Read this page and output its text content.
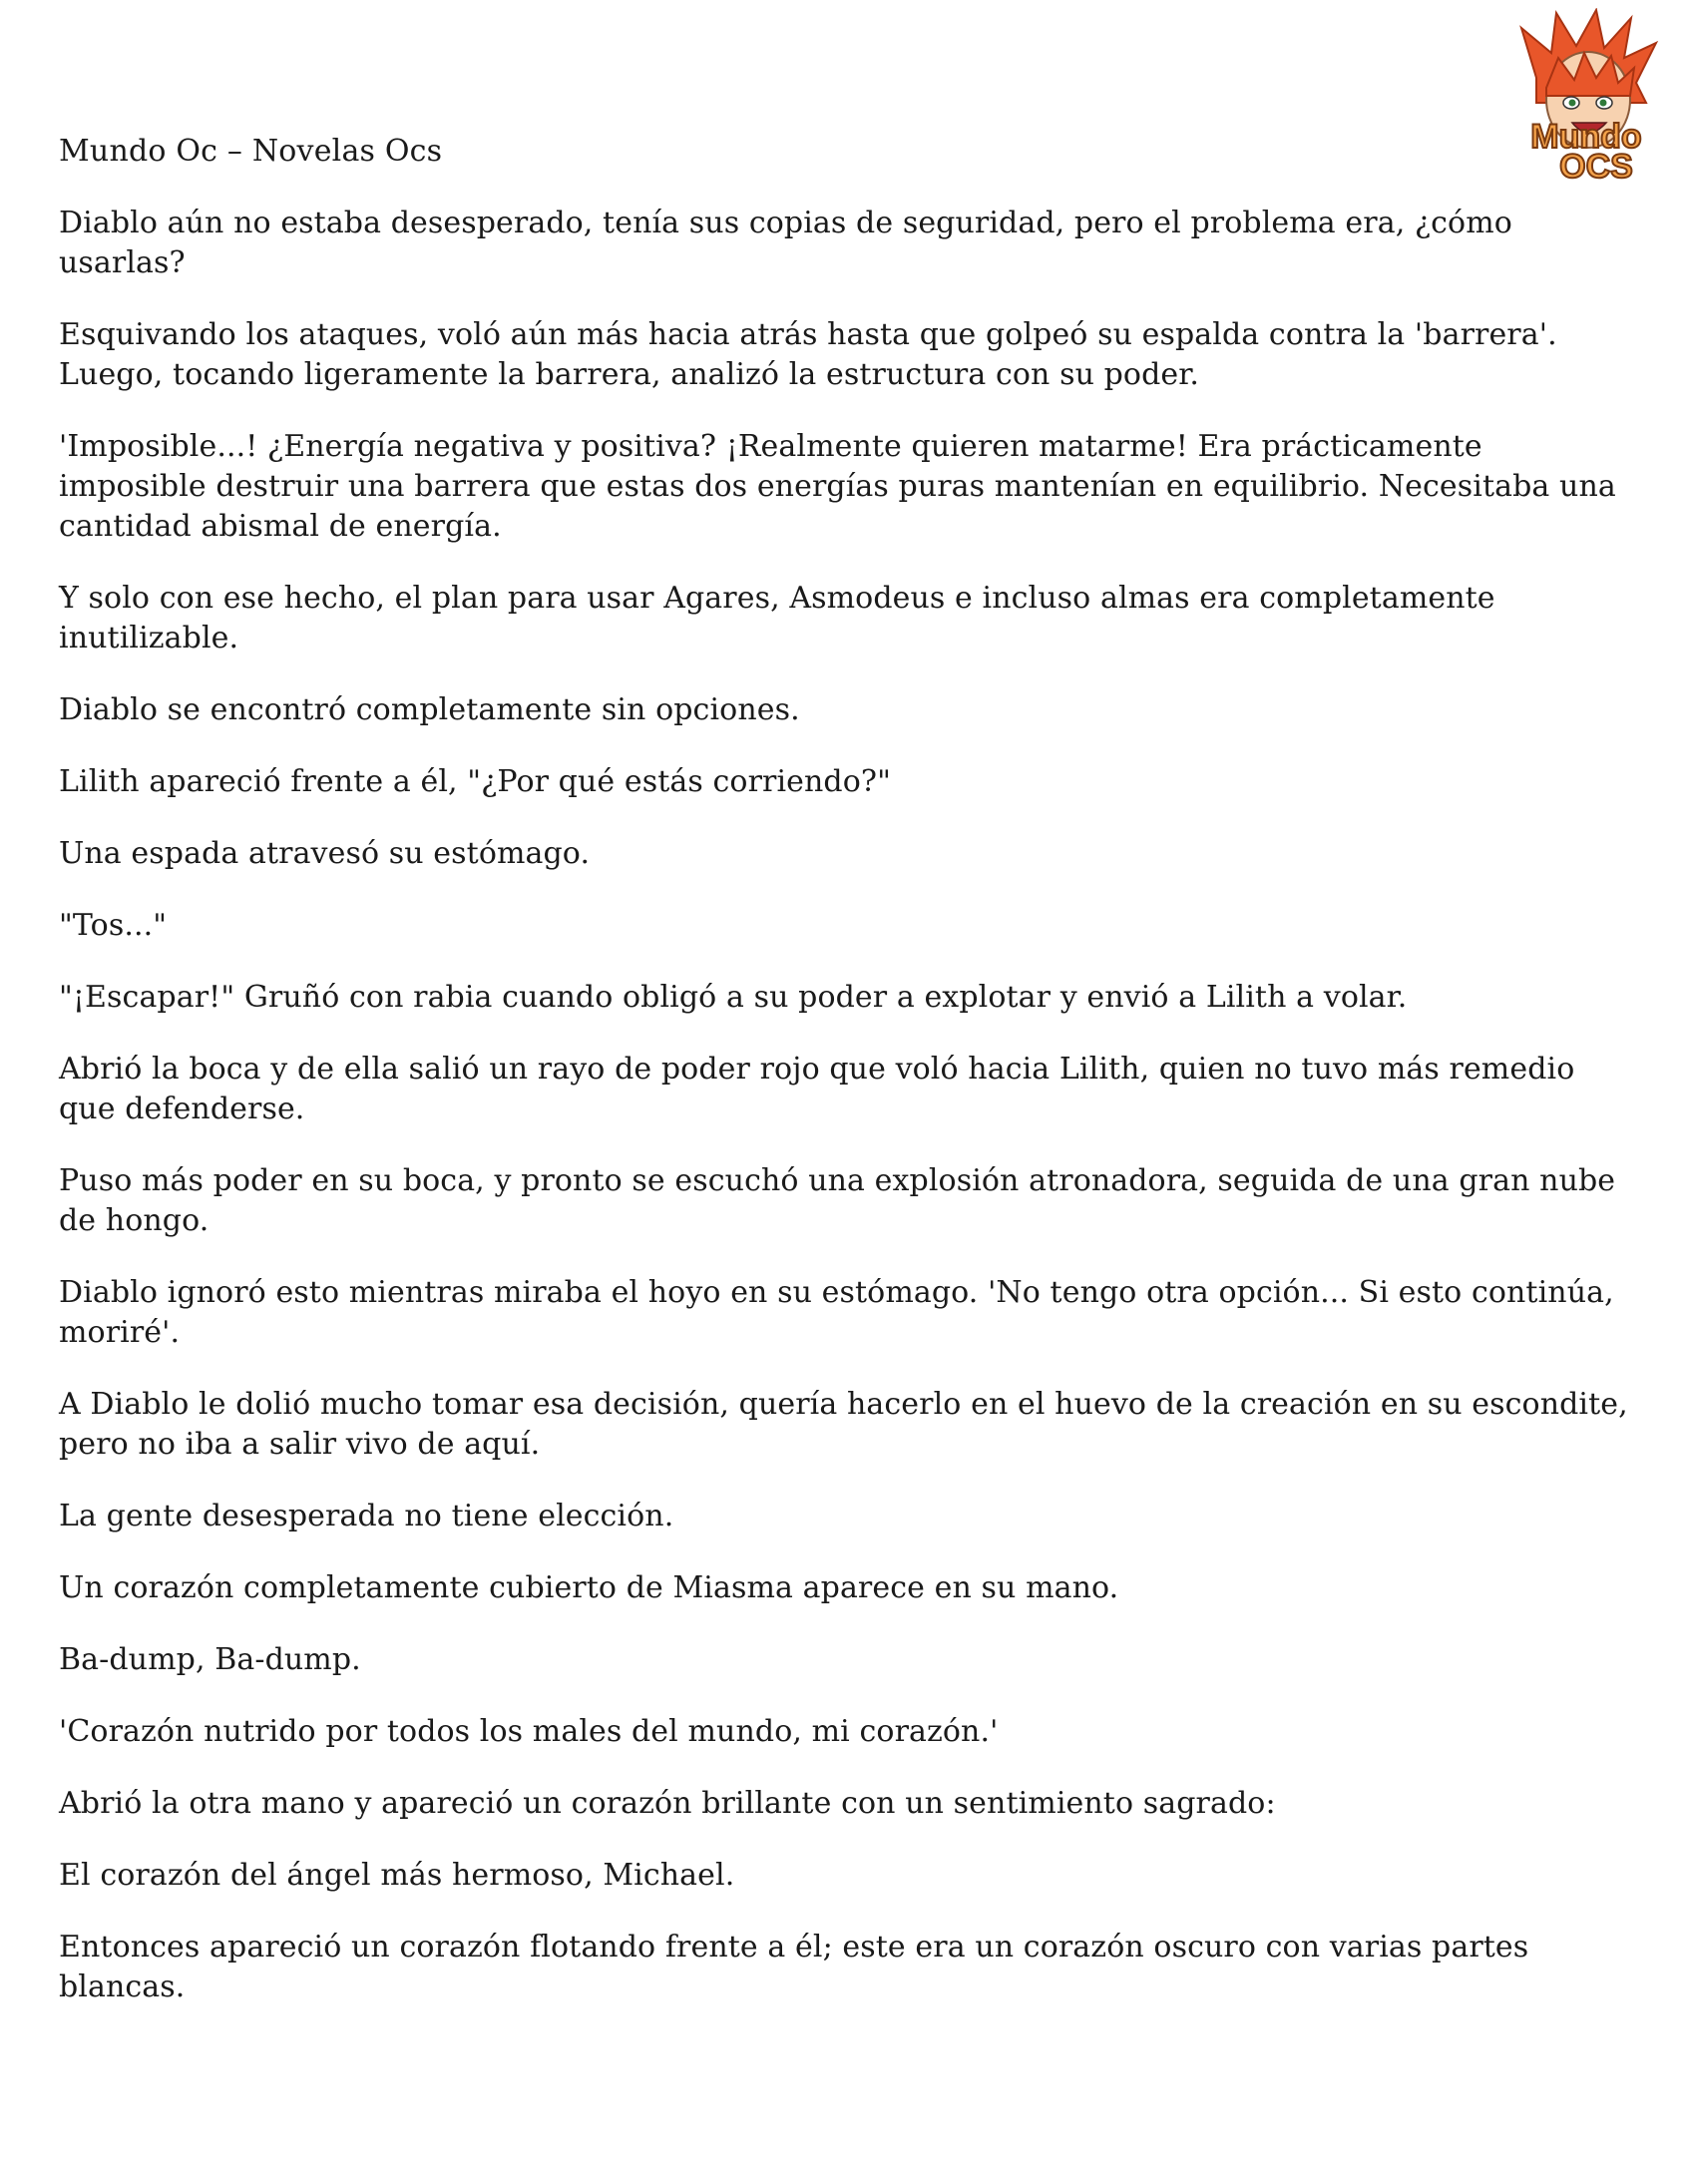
Mundo
OCS
Mundo Oc – Novelas Ocs

Diablo aún no estaba desesperado, tenía sus copias de seguridad, pero el problema era, ¿cómo usarlas?

Esquivando los ataques, voló aún más hacia atrás hasta que golpeó su espalda contra la 'barrera'. Luego, tocando ligeramente la barrera, analizó la estructura con su poder.

'Imposible...! ¿Energía negativa y positiva? ¡Realmente quieren matarme! Era prácticamente imposible destruir una barrera que estas dos energías puras mantenían en equilibrio. Necesitaba una cantidad abismal de energía.

Y solo con ese hecho, el plan para usar Agares, Asmodeus e incluso almas era completamente inutilizable.

Diablo se encontró completamente sin opciones.

Lilith apareció frente a él, "¿Por qué estás corriendo?"

Una espada atravesó su estómago.

"Tos..."

"¡Escapar!" Gruñó con rabia cuando obligó a su poder a explotar y envió a Lilith a volar.

Abrió la boca y de ella salió un rayo de poder rojo que voló hacia Lilith, quien no tuvo más remedio que defenderse.

Puso más poder en su boca, y pronto se escuchó una explosión atronadora, seguida de una gran nube de hongo.

Diablo ignoró esto mientras miraba el hoyo en su estómago. 'No tengo otra opción... Si esto continúa, moriré'.

A Diablo le dolió mucho tomar esa decisión, quería hacerlo en el huevo de la creación en su escondite, pero no iba a salir vivo de aquí.

La gente desesperada no tiene elección.

Un corazón completamente cubierto de Miasma aparece en su mano.

Ba-dump, Ba-dump.

'Corazón nutrido por todos los males del mundo, mi corazón.'

Abrió la otra mano y apareció un corazón brillante con un sentimiento sagrado:

El corazón del ángel más hermoso, Michael.

Entonces apareció un corazón flotando frente a él; este era un corazón oscuro con varias partes blancas.
